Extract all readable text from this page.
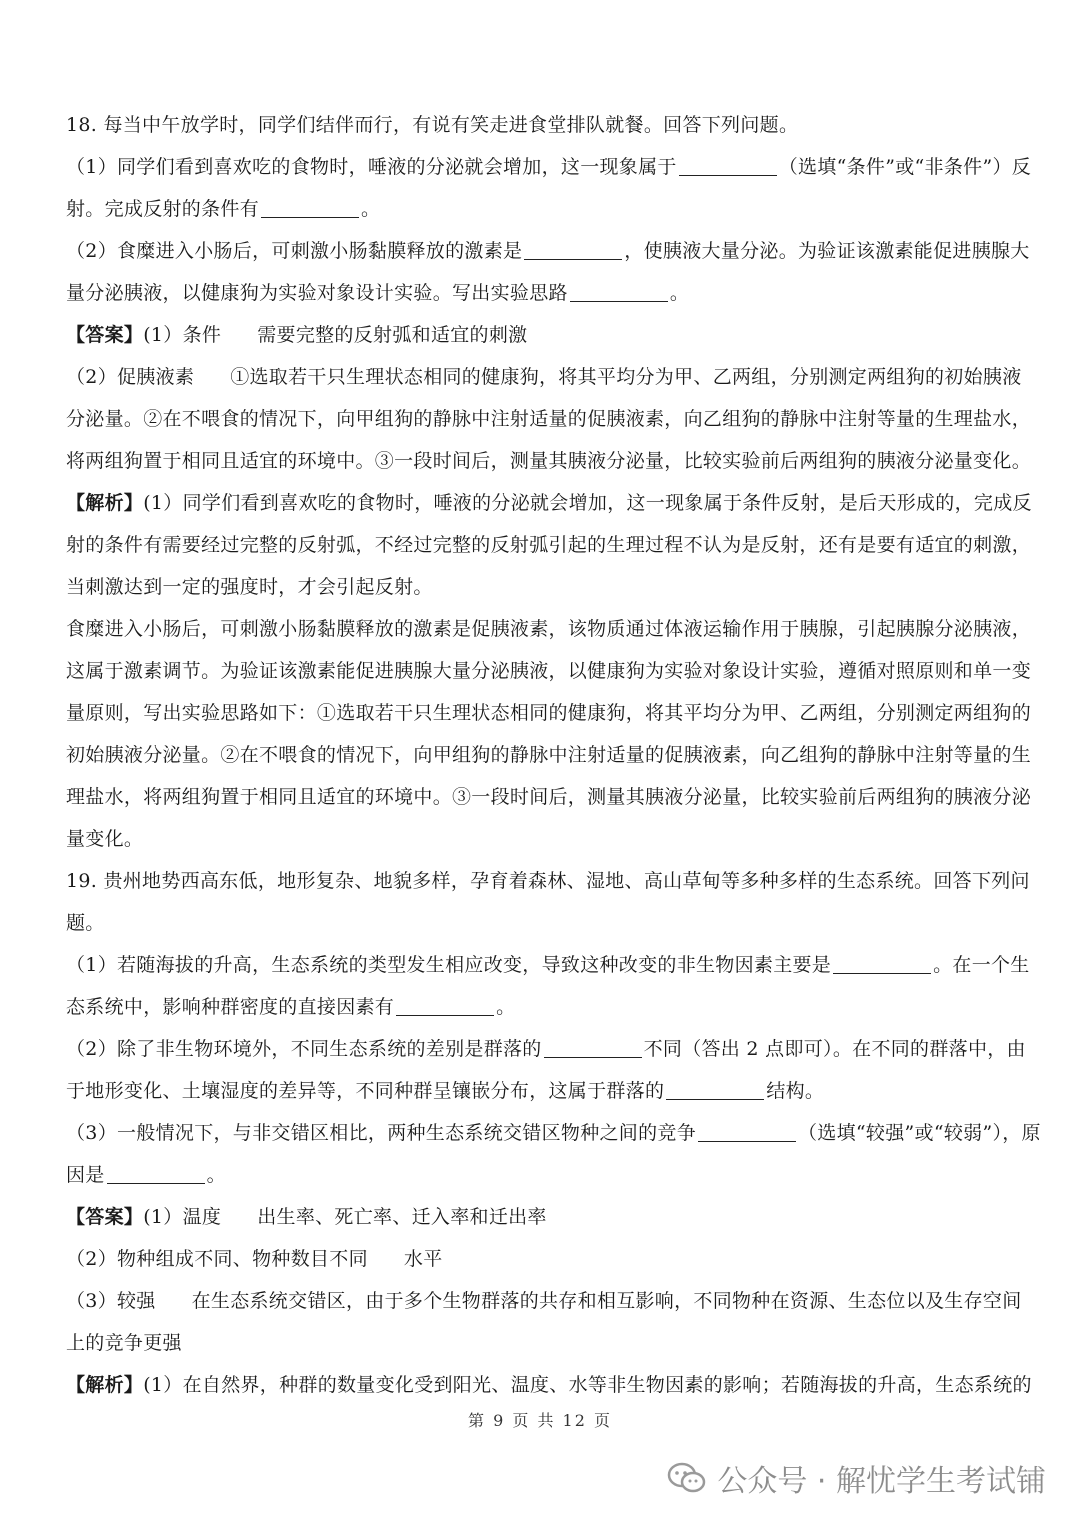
18. 每当中午放学时，同学们结伴而行，有说有笑走进食堂排队就餐。回答下列问题。
（1）同学们看到喜欢吃的食物时，唾液的分泌就会增加，这一现象属于	（选填“条件”或“非条件”）反
射。完成反射的条件有	。
（2）食糜进入小肠后，可刺激小肠黏膜释放的激素是	，使胰液大量分泌。为验证该激素能促进胰腺大
量分泌胰液，以健康狗为实验对象设计实验。写出实验思路	。
【答案】(1）条件 需要完整的反射弧和适宜的刺激
（2）促胰液素 ①选取若干只生理状态相同的健康狗，将其平均分为甲、乙两组，分别测定两组狗的初始胰液
分泌量。②在不喂食的情况下，向甲组狗的静脉中注射适量的促胰液素，向乙组狗的静脉中注射等量的生理盐水，
将两组狗置于相同且适宜的环境中。③一段时间后，测量其胰液分泌量，比较实验前后两组狗的胰液分泌量变化。
【解析】(1）同学们看到喜欢吃的食物时，唾液的分泌就会增加，这一现象属于条件反射，是后天形成的，完成反
射的条件有需要经过完整的反射弧，不经过完整的反射弧引起的生理过程不认为是反射，还有是要有适宜的刺激，
当刺激达到一定的强度时，才会引起反射。
食糜进入小肠后，可刺激小肠黏膜释放的激素是促胰液素，该物质通过体液运输作用于胰腺，引起胰腺分泌胰液，
这属于激素调节。为验证该激素能促进胰腺大量分泌胰液，以健康狗为实验对象设计实验，遵循对照原则和单一变
量原则，写出实验思路如下：①选取若干只生理状态相同的健康狗，将其平均分为甲、乙两组，分别测定两组狗的
初始胰液分泌量。②在不喂食的情况下，向甲组狗的静脉中注射适量的促胰液素，向乙组狗的静脉中注射等量的生
理盐水，将两组狗置于相同且适宜的环境中。③一段时间后，测量其胰液分泌量，比较实验前后两组狗的胰液分泌
量变化。
19. 贵州地势西高东低，地形复杂、地貌多样，孕育着森林、湿地、高山草甸等多种多样的生态系统。回答下列问
题。
（1）若随海拔的升高，生态系统的类型发生相应改变，导致这种改变的非生物因素主要是	。在一个生
态系统中，影响种群密度的直接因素有	。
（2）除了非生物环境外，不同生态系统的差别是群落的	不同（答出 2 点即可）。在不同的群落中，由
于地形变化、土壤湿度的差异等，不同种群呈镶嵌分布，这属于群落的	结构。
（3）一般情况下，与非交错区相比，两种生态系统交错区物种之间的竞争	（选填“较强”或“较弱”），原
因是	。
【答案】(1）温度 出生率、死亡率、迁入率和迁出率
（2）物种组成不同、物种数目不同 水平
（3）较强 在生态系统交错区，由于多个生物群落的共存和相互影响，不同物种在资源、生态位以及生存空间
上的竞争更强
【解析】(1）在自然界，种群的数量变化受到阳光、温度、水等非生物因素的影响；若随海拔的升高，生态系统的
第 9 页 共 12 页
公众号 · 解忧学生考试铺
